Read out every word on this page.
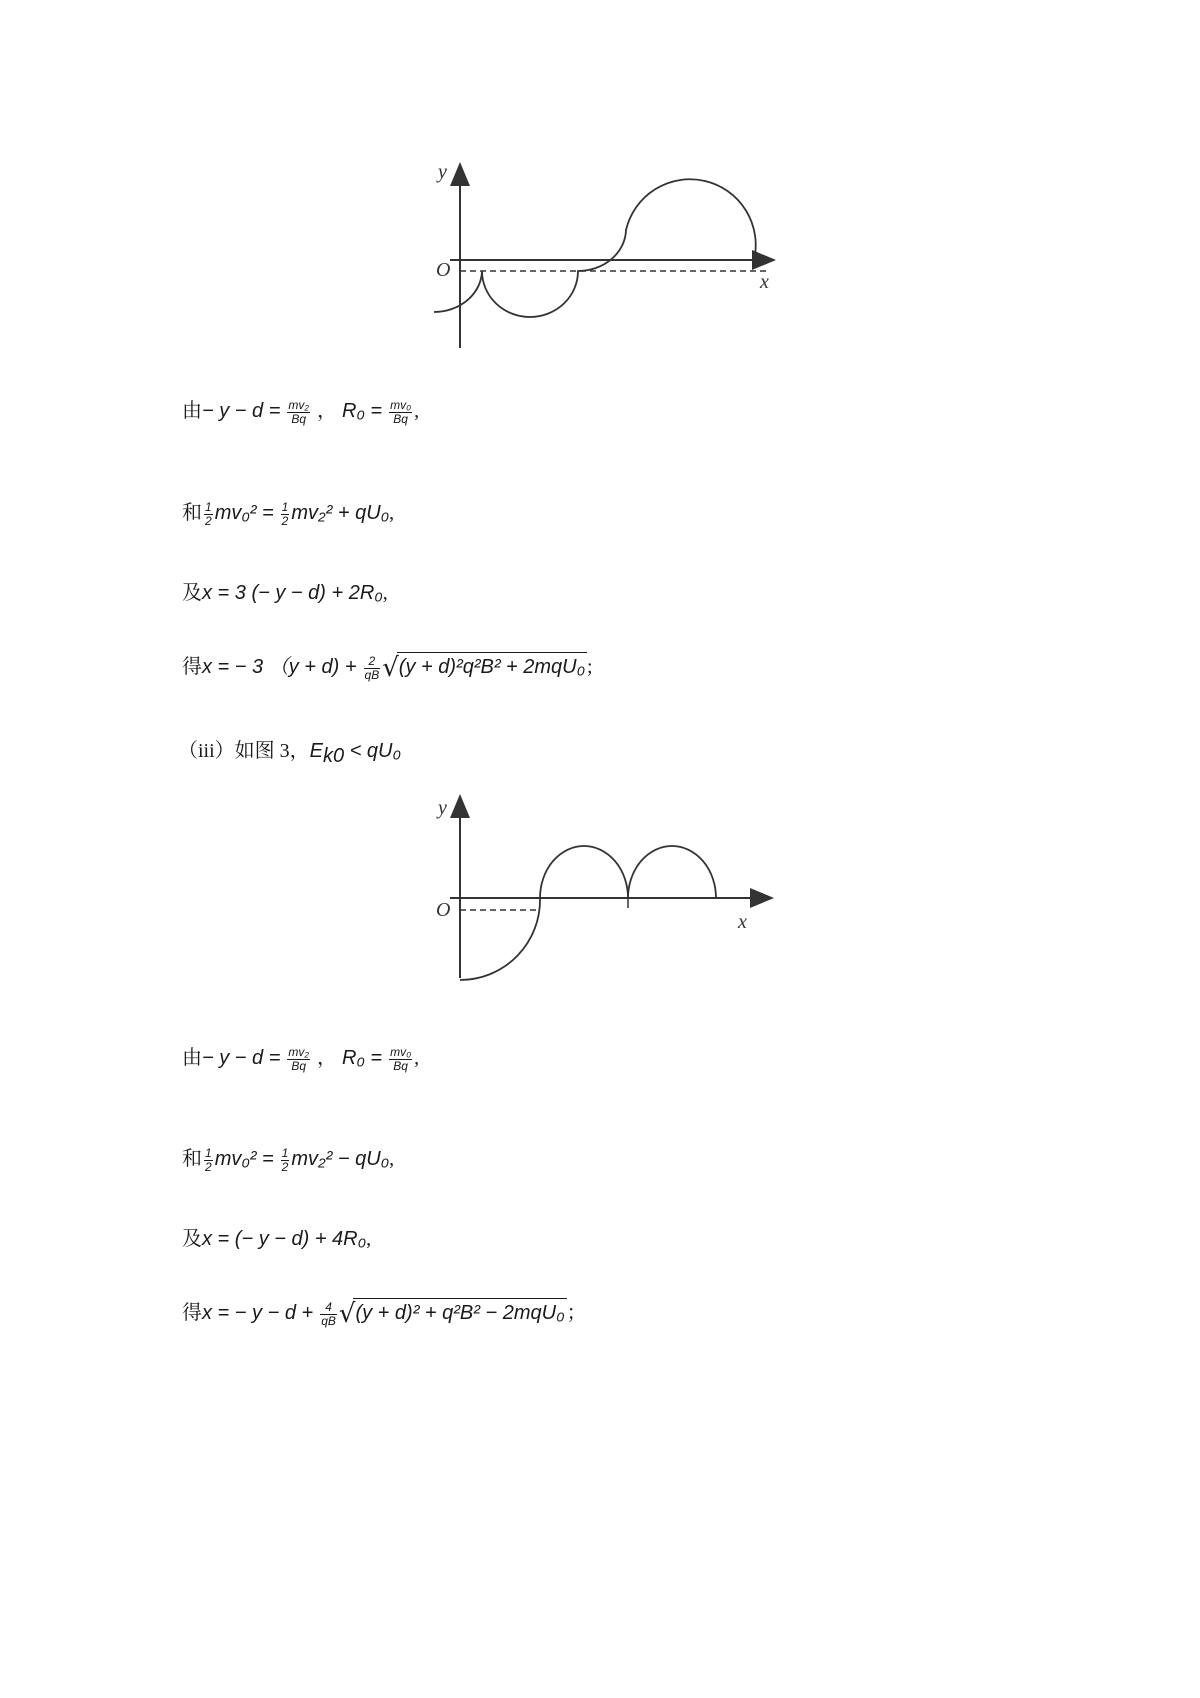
y
O
x
由− $y - d = \frac{\text{mv₂}}{Bq}$ ， $R_0 = \frac{\text{mv₀}}{Bq}$ ,
和 $\frac{1}{2} mv_0^2 = \frac{1}{2} mv_2^2 + qU_0$,
及x = 3 (− y − d) + 2R₀,
得x = − 3 $(y + d) + \frac{2}{qB} √(y + d)^2q^2B^2 + 2mqU_0$ ;
（iii）如图 3，$E_{k0} < qU_0$
y
O
x
由− $y - d = \frac{\text{mv₂}}{Bq}$ ， $R_0 = \frac{\text{mv₀}}{Bq}$ ,
和 $\frac{1}{2} mv_0^2 = \frac{1}{2} mv_2^2 - qU_0$,
及x = (− y − d) + 4R₀,
得x = − $y - d + \frac{4}{qB} √(y + d)^2 + q^2B^2 - 2mqU_0$ ；
